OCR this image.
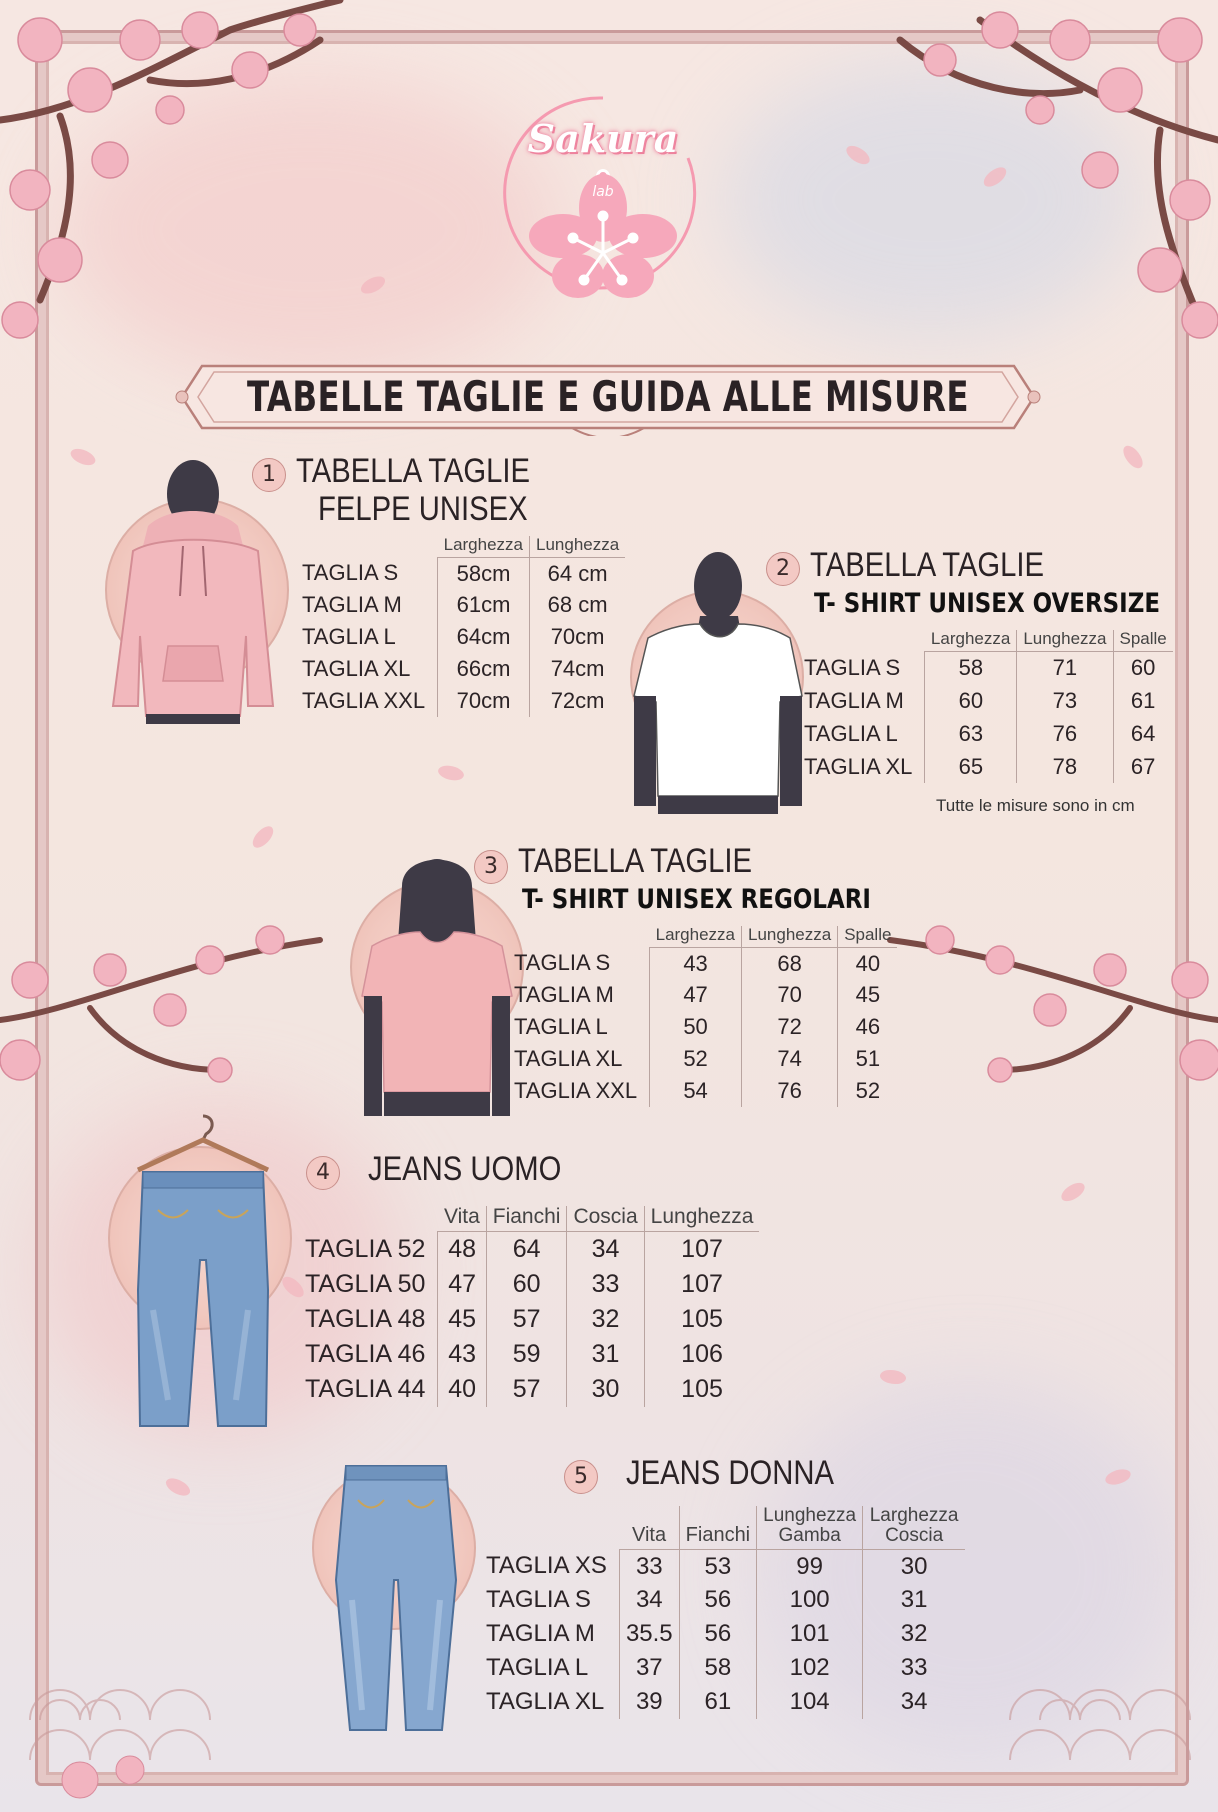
Sakura
lab
TABELLE TAGLIE E GUIDA ALLE MISURE
1 TABELLA TAGLIE
FELPE UNISEX
	Larghezza	Lunghezza
TAGLIA S	58cm	64 cm
TAGLIA M	61cm	68 cm
TAGLIA L	64cm	70cm
TAGLIA XL	66cm	74cm
TAGLIA XXL	70cm	72cm
2 TABELLA TAGLIE
T- SHIRT UNISEX OVERSIZE
	Larghezza	Lunghezza	Spalle
TAGLIA S	58	71	60
TAGLIA M	60	73	61
TAGLIA L	63	76	64
TAGLIA XL	65	78	67
Tutte le misure sono in cm
3 TABELLA TAGLIE
T- SHIRT UNISEX REGOLARI
	Larghezza	Lunghezza	Spalle
TAGLIA S	43	68	40
TAGLIA M	47	70	45
TAGLIA L	50	72	46
TAGLIA XL	52	74	51
TAGLIA XXL	54	76	52
4 JEANS UOMO
	Vita	Fianchi	Coscia	Lunghezza
TAGLIA 52	48	64	34	107
TAGLIA 50	47	60	33	107
TAGLIA 48	45	57	32	105
TAGLIA 46	43	59	31	106
TAGLIA 44	40	57	30	105
5 JEANS DONNA
	Vita	Fianchi	Lunghezza Gamba	Larghezza Coscia
TAGLIA XS	33	53	99	30
TAGLIA S	34	56	100	31
TAGLIA M	35.5	56	101	32
TAGLIA L	37	58	102	33
TAGLIA XL	39	61	104	34
